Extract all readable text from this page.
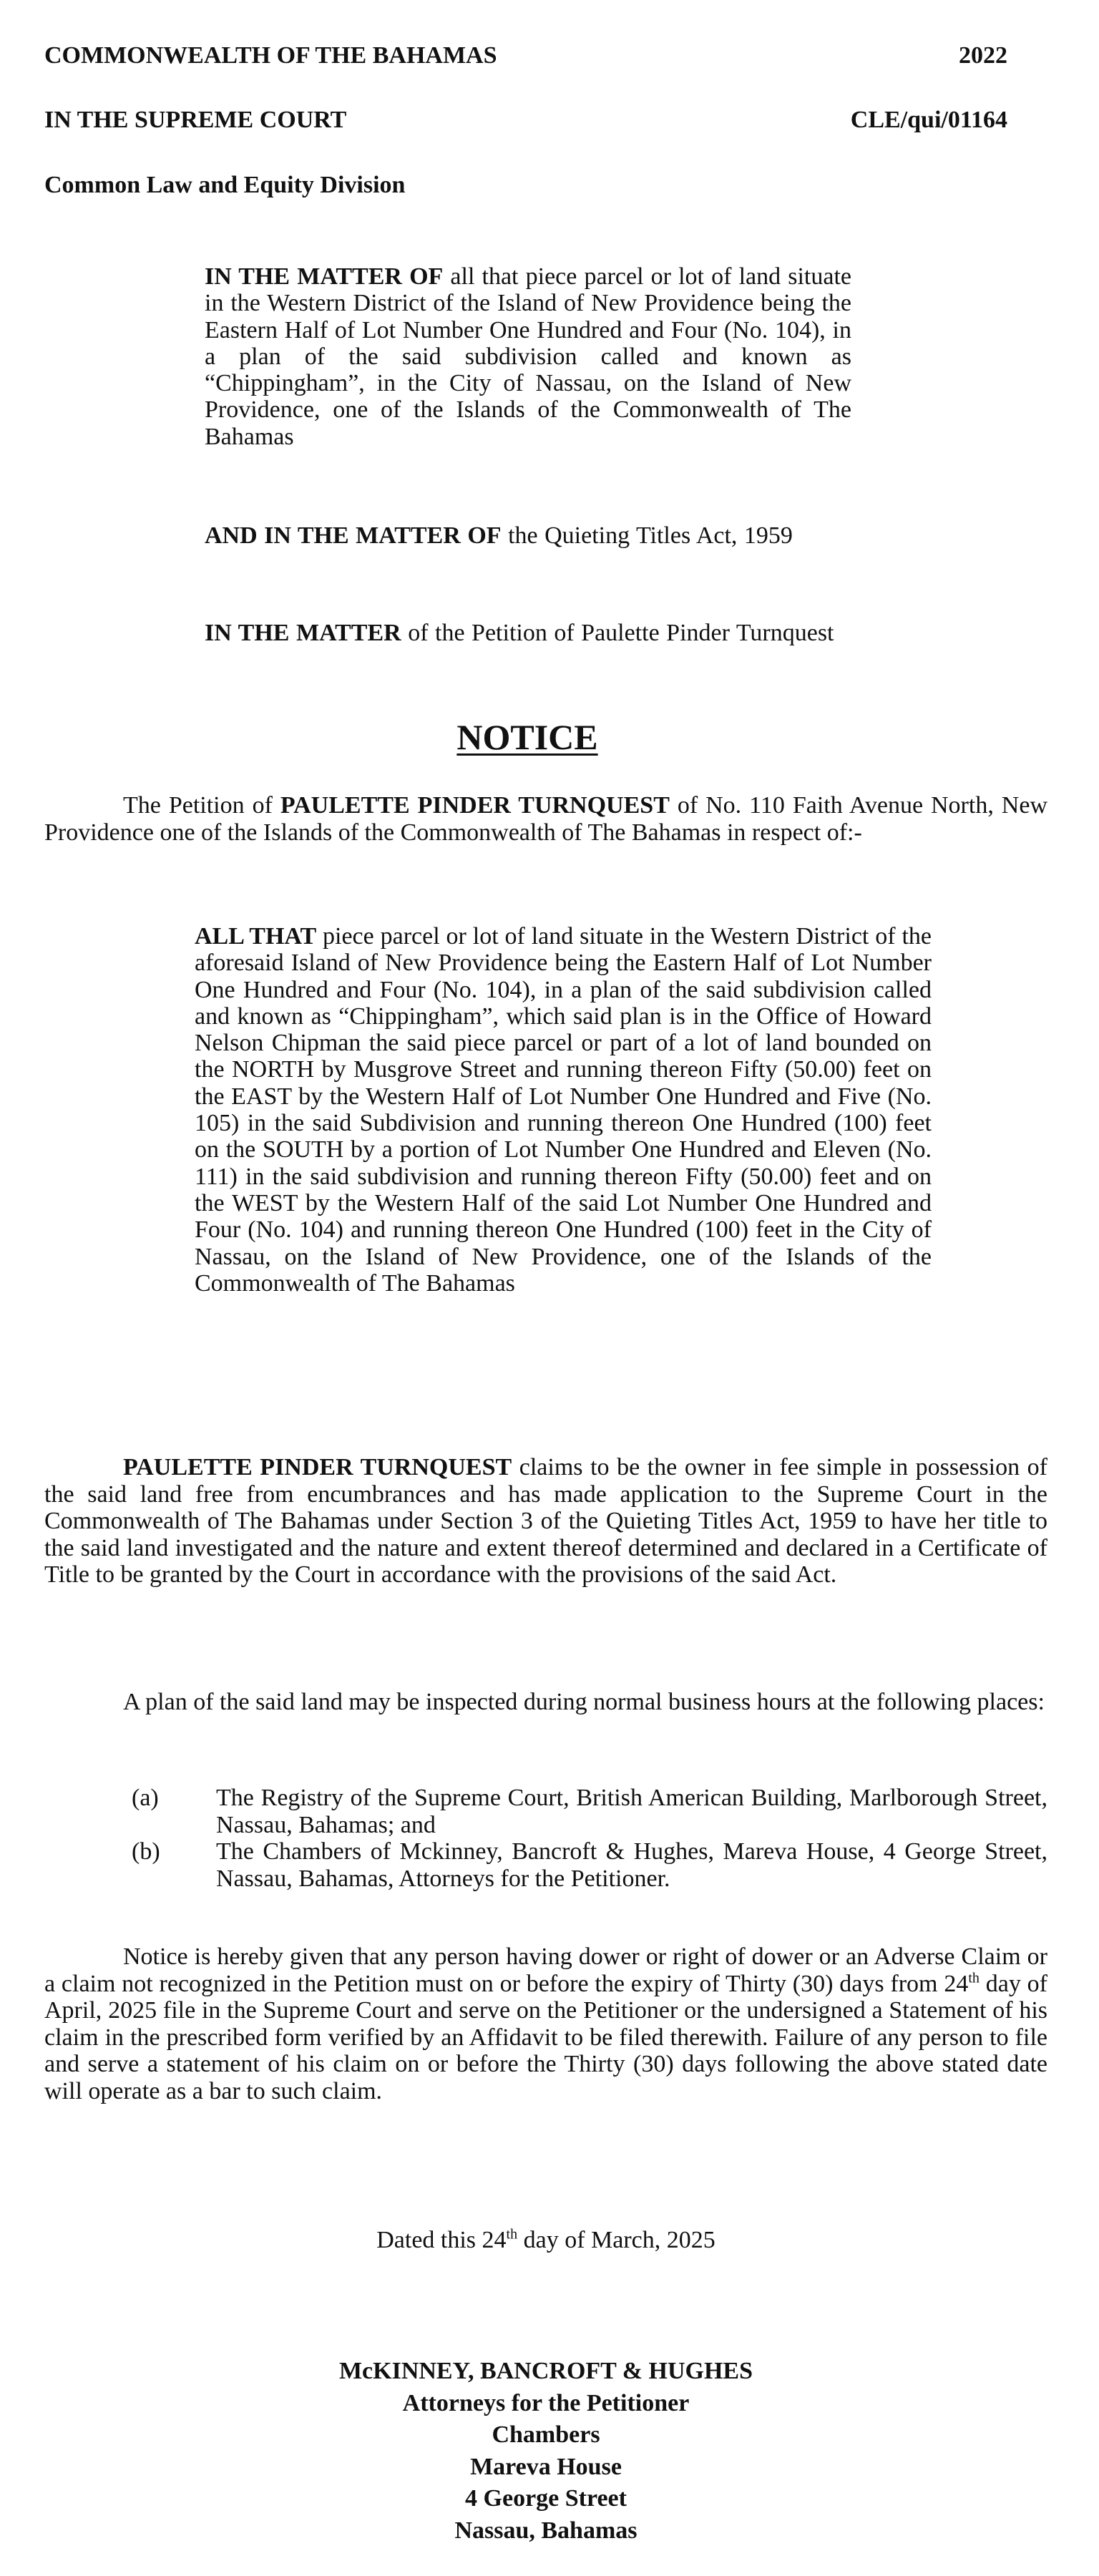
COMMONWEALTH OF THE BAHAMAS	2022
IN THE SUPREME COURT	CLE/qui/01164
Common Law and Equity Division
IN THE MATTER OF all that piece parcel or lot of land situate in the Western District of the Island of New Providence being the Eastern Half of Lot Number One Hundred and Four (No. 104), in a plan of the said subdivision called and known as “Chippingham”, in the City of Nassau, on the Island of New Providence, one of the Islands of the Commonwealth of The Bahamas
AND IN THE MATTER OF the Quieting Titles Act, 1959
IN THE MATTER of the Petition of Paulette Pinder Turnquest
NOTICE
The Petition of PAULETTE PINDER TURNQUEST of No. 110 Faith Avenue North, New Providence one of the Islands of the Commonwealth of The Bahamas in respect of:-
ALL THAT piece parcel or lot of land situate in the Western District of the aforesaid Island of New Providence being the Eastern Half of Lot Number One Hundred and Four (No. 104), in a plan of the said subdivision called and known as “Chippingham”, which said plan is in the Office of Howard Nelson Chipman the said piece parcel or part of a lot of land bounded on the NORTH by Musgrove Street and running thereon Fifty (50.00) feet on the EAST by the Western Half of Lot Number One Hundred and Five (No. 105) in the said Subdivision and running thereon One Hundred (100) feet on the SOUTH by a portion of Lot Number One Hundred and Eleven (No. 111) in the said subdivision and running thereon Fifty (50.00) feet and on the WEST by the Western Half of the said Lot Number One Hundred and Four (No. 104) and running thereon One Hundred (100) feet in the City of Nassau, on the Island of New Providence, one of the Islands of the Commonwealth of The Bahamas
PAULETTE PINDER TURNQUEST claims to be the owner in fee simple in possession of the said land free from encumbrances and has made application to the Supreme Court in the Commonwealth of The Bahamas under Section 3 of the Quieting Titles Act, 1959 to have her title to the said land investigated and the nature and extent thereof determined and declared in a Certificate of Title to be granted by the Court in accordance with the provisions of the said Act.
A plan of the said land may be inspected during normal business hours at the following places:
(a)	The Registry of the Supreme Court, British American Building, Marlborough Street, Nassau, Bahamas; and
(b)	The Chambers of Mckinney, Bancroft & Hughes, Mareva House, 4 George Street, Nassau, Bahamas, Attorneys for the Petitioner.
Notice is hereby given that any person having dower or right of dower or an Adverse Claim or a claim not recognized in the Petition must on or before the expiry of Thirty (30) days from 24th day of April, 2025 file in the Supreme Court and serve on the Petitioner or the undersigned a Statement of his claim in the prescribed form verified by an Affidavit to be filed therewith. Failure of any person to file and serve a statement of his claim on or before the Thirty (30) days following the above stated date will operate as a bar to such claim.
Dated this 24th day of March, 2025
McKINNEY, BANCROFT & HUGHES
Attorneys for the Petitioner
Chambers
Mareva House
4 George Street
Nassau, Bahamas
